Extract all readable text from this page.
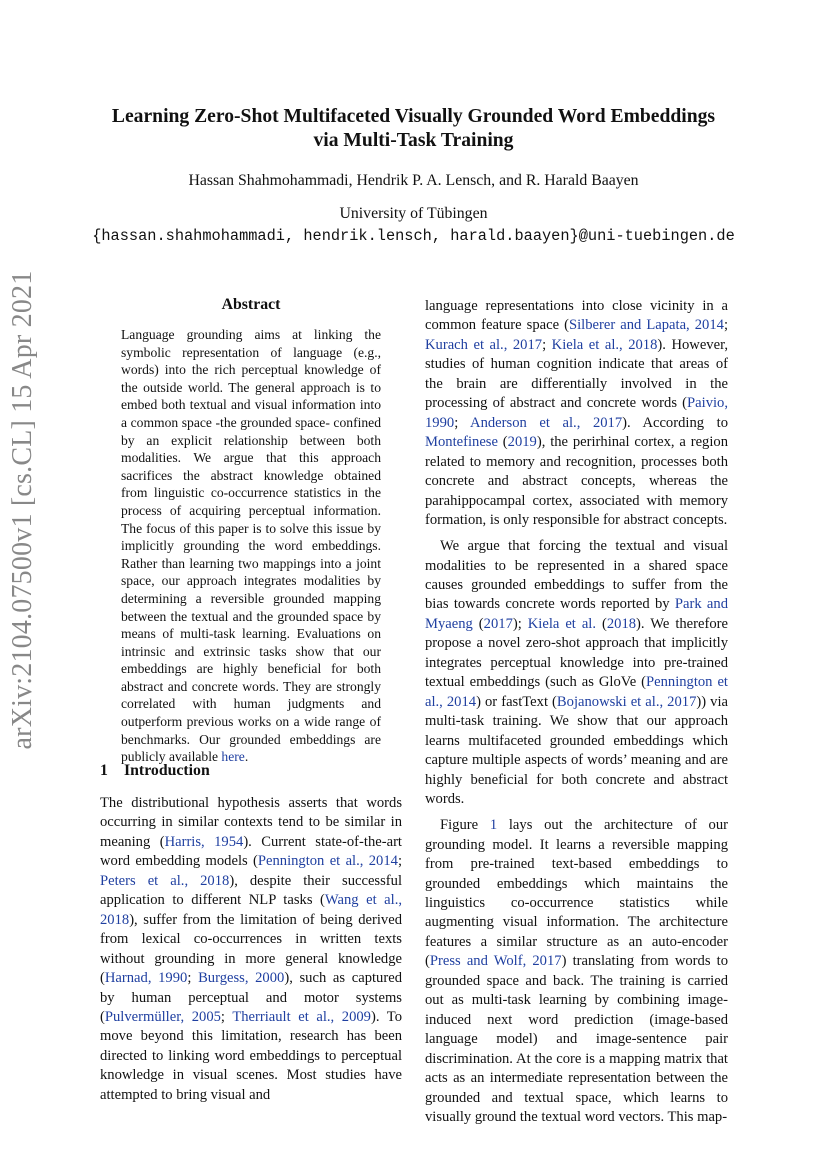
Learning Zero-Shot Multifaceted Visually Grounded Word Embeddings
via Multi-Task Training
Hassan Shahmohammadi, Hendrik P. A. Lensch, and R. Harald Baayen
University of Tübingen
{hassan.shahmohammadi, hendrik.lensch, harald.baayen}@uni-tuebingen.de
arXiv:2104.07500v1 [cs.CL] 15 Apr 2021	Abstract
Language grounding aims at linking the symbolic representation of language (e.g., words) into the rich perceptual knowledge of the outside world. The general approach is to embed both textual and visual information into a common space -the grounded space- confined by an explicit relationship between both modalities. We argue that this approach sacrifices the abstract knowledge obtained from linguistic co-occurrence statistics in the process of acquiring perceptual information. The focus of this paper is to solve this issue by implicitly grounding the word embeddings. Rather than learning two mappings into a joint space, our approach integrates modalities by determining a reversible grounded mapping between the textual and the grounded space by means of multi-task learning. Evaluations on intrinsic and extrinsic tasks show that our embeddings are highly beneficial for both abstract and concrete words. They are strongly correlated with human judgments and outperform previous works on a wide range of benchmarks. Our grounded embeddings are publicly available here.
1 Introduction

The distributional hypothesis asserts that words occurring in similar contexts tend to be similar in meaning (Harris, 1954). Current state-of-the-art word embedding models (Pennington et al., 2014; Peters et al., 2018), despite their successful application to different NLP tasks (Wang et al., 2018), suffer from the limitation of being derived from lexical co-occurrences in written texts without grounding in more general knowledge (Harnad, 1990; Burgess, 2000), such as captured by human perceptual and motor systems (Pulvermüller, 2005; Therriault et al., 2009). To move beyond this limitation, research has been directed to linking word embeddings to perceptual knowledge in visual scenes. Most studies have attempted to bring visual and

language representations into close vicinity in a common feature space (Silberer and Lapata, 2014; Kurach et al., 2017; Kiela et al., 2018). However, studies of human cognition indicate that areas of the brain are differentially involved in the processing of abstract and concrete words (Paivio, 1990; Anderson et al., 2017). According to Montefinese (2019), the perirhinal cortex, a region related to memory and recognition, processes both concrete and abstract concepts, whereas the parahippocampal cortex, associated with memory formation, is only responsible for abstract concepts.

We argue that forcing the textual and visual modalities to be represented in a shared space causes grounded embeddings to suffer from the bias towards concrete words reported by Park and Myaeng (2017); Kiela et al. (2018). We therefore propose a novel zero-shot approach that implicitly integrates perceptual knowledge into pre-trained textual embeddings (such as GloVe (Pennington et al., 2014) or fastText (Bojanowski et al., 2017)) via multi-task training. We show that our approach learns multifaceted grounded embeddings which capture multiple aspects of words’ meaning and are highly beneficial for both concrete and abstract words.

Figure 1 lays out the architecture of our grounding model. It learns a reversible mapping from pre-trained text-based embeddings to grounded embeddings which maintains the linguistics co-occurrence statistics while augmenting visual information. The architecture features a similar structure as an auto-encoder (Press and Wolf, 2017) translating from words to grounded space and back. The training is carried out as multi-task learning by combining image-induced next word prediction (image-based language model) and image-sentence pair discrimination. At the core is a mapping matrix that acts as an intermediate representation between the grounded and textual space, which learns to visually ground the textual word vectors. This map-
